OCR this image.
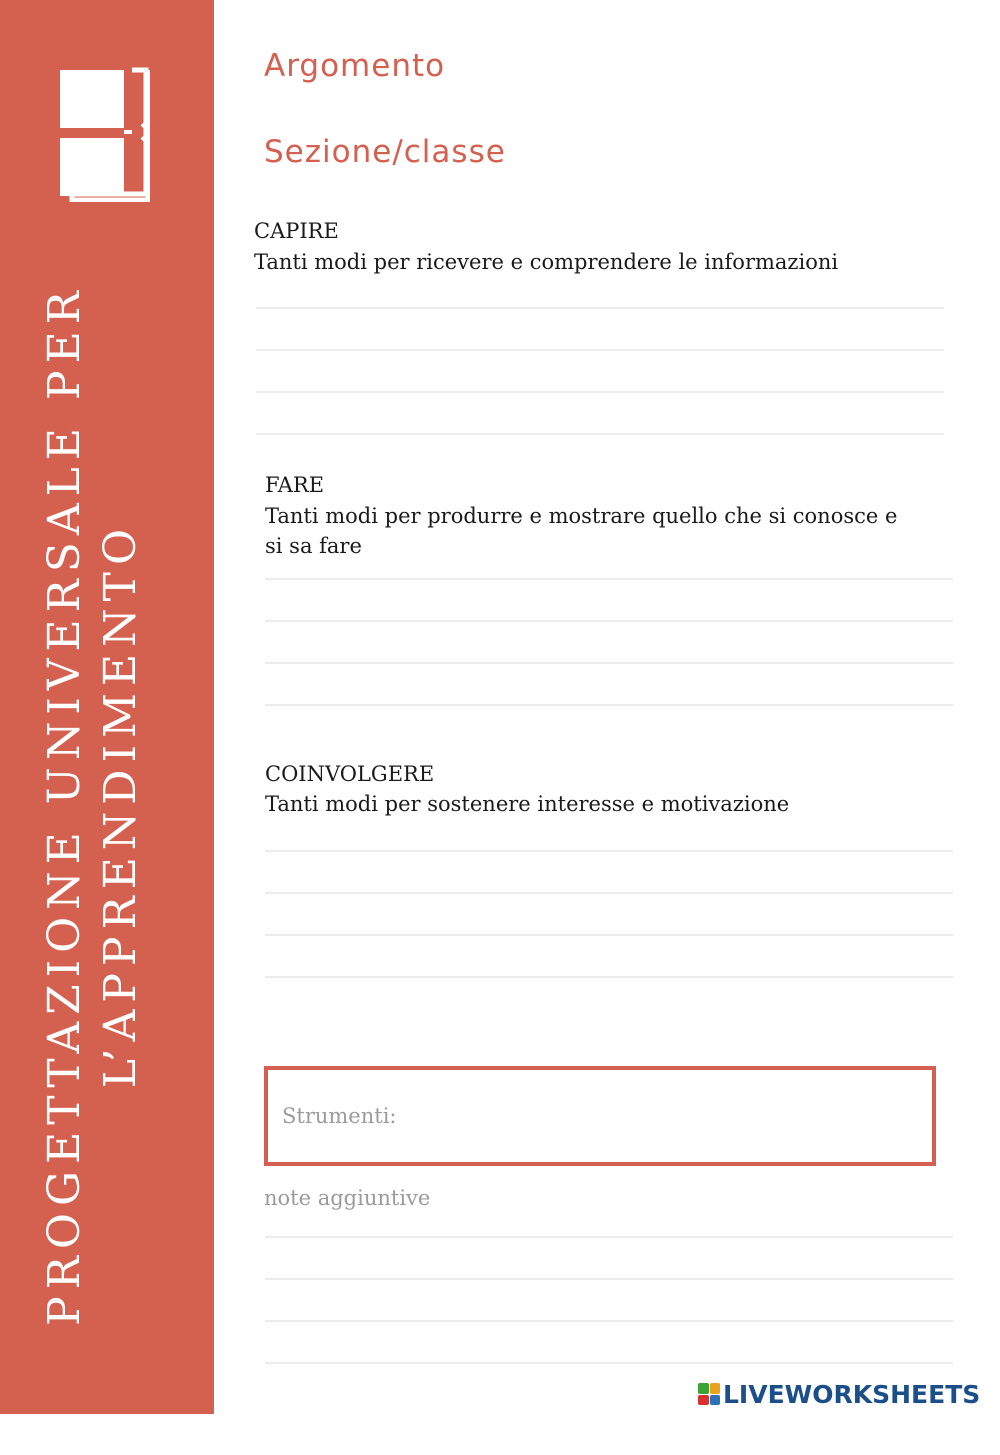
PROGETTAZIONE UNIVERSALE PER L’APPRENDIMENTO
Argomento
Sezione/classe
CAPIRE
Tanti modi per ricevere e comprendere le informazioni
FARE
Tanti modi per produrre e mostrare quello che si conosce e si sa fare
COINVOLGERE
Tanti modi per sostenere interesse e motivazione
Strumenti:
note aggiuntive
LIVEWORKSHEETS
